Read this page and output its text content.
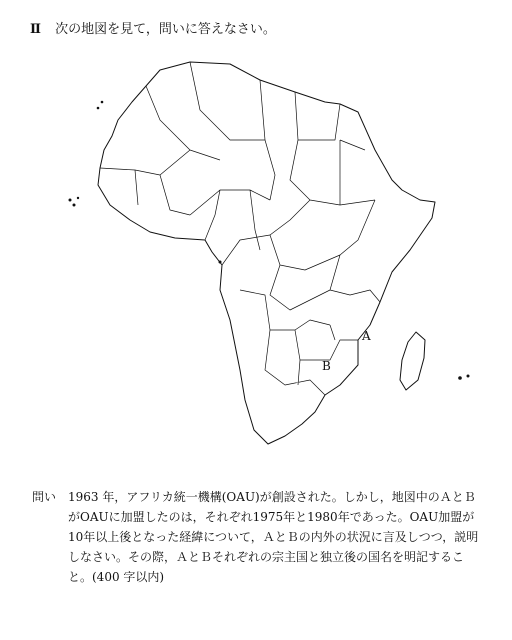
Ⅱ 次の地図を見て，問いに答えなさい。
A
B
問い 1963 年，アフリカ統一機構(OAU)が創設された。しかし，地図中のＡとＢ
がOAUに加盟したのは，それぞれ1975年と1980年であった。OAU加盟が
10年以上後となった経緯について，ＡとＢの内外の状況に言及しつつ，説明
しなさい。その際，ＡとＢそれぞれの宗主国と独立後の国名を明記するこ
と。(400 字以内)
